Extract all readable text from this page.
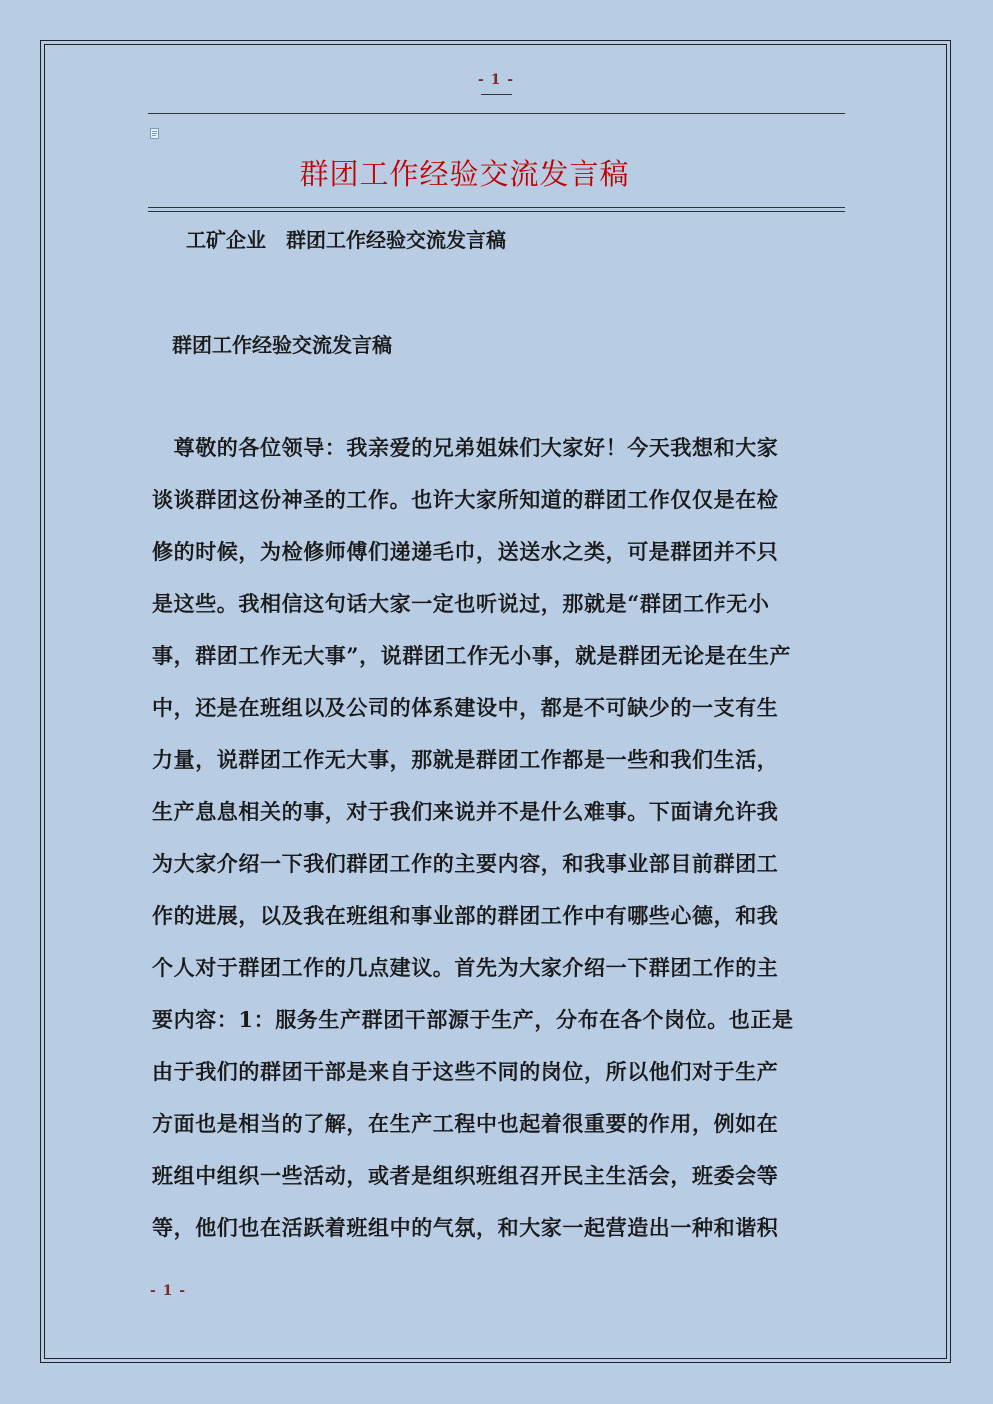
- 1 -
群团工作经验交流发言稿
工矿企业　群团工作经验交流发言稿
群团工作经验交流发言稿
　尊敬的各位领导：我亲爱的兄弟姐妹们大家好！今天我想和大家
谈谈群团这份神圣的工作。也许大家所知道的群团工作仅仅是在检
修的时候，为检修师傅们递递毛巾，送送水之类，可是群团并不只
是这些。我相信这句话大家一定也听说过，那就是“群团工作无小
事，群团工作无大事”，说群团工作无小事，就是群团无论是在生产
中，还是在班组以及公司的体系建设中，都是不可缺少的一支有生
力量，说群团工作无大事，那就是群团工作都是一些和我们生活，
生产息息相关的事，对于我们来说并不是什么难事。下面请允许我
为大家介绍一下我们群团工作的主要内容，和我事业部目前群团工
作的进展，以及我在班组和事业部的群团工作中有哪些心德，和我
个人对于群团工作的几点建议。首先为大家介绍一下群团工作的主
要内容：1：服务生产群团干部源于生产，分布在各个岗位。也正是
由于我们的群团干部是来自于这些不同的岗位，所以他们对于生产
方面也是相当的了解，在生产工程中也起着很重要的作用，例如在
班组中组织一些活动，或者是组织班组召开民主生活会，班委会等
等，他们也在活跃着班组中的气氛，和大家一起营造出一种和谐积
- 1 -
